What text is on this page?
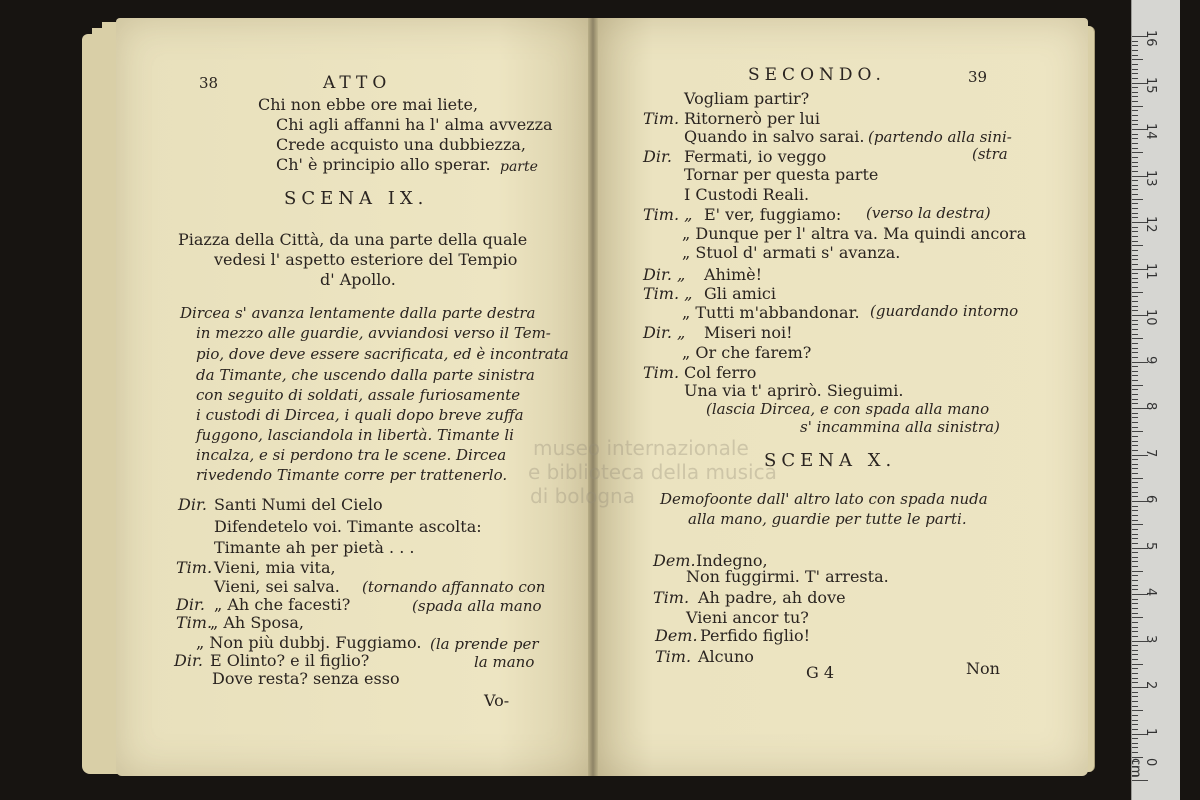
museo internazionale
e biblioteca della musica
di bologna
38	ATTO
Chi non ebbe ore mai liete,
Chi agli affanni ha l' alma avvezza
Crede acquisto una dubbiezza,
Ch' è principio allo sperar. parte
SCENA IX.
Piazza della Città, da una parte della quale
vedesi l' aspetto esteriore del Tempio
d' Apollo.
Dircea s' avanza lentamente dalla parte destra
in mezzo alle guardie, avviandosi verso il Tem-
pio, dove deve essere sacrificata, ed è incontrata
da Timante, che uscendo dalla parte sinistra
con seguito di soldati, assale furiosamente
i custodi di Dircea, i quali dopo breve zuffa
fuggono, lasciandola in libertà. Timante li
incalza, e si perdono tra le scene. Dircea
rivedendo Timante corre per trattenerlo.
Dir. Santi Numi del Cielo
Difendetelo voi. Timante ascolta:
Timante ah per pietà . . .
Tim. Vieni, mia vita,
Vieni, sei salva.
Dir. „ Ah che facesti?
Tim.
„ Ah Sposa,
„ Non più dubbj. Fuggiamo.
Dir. E Olinto? e il figlio?
Dove resta? senza esso
(tornando affannato con
(spada alla mano
(la prende per
la mano
Vo-
SECONDO.	39
Vogliam partir?
Tim. Ritornerò per lui
Quando in salvo sarai. (partendo alla sini-
Dir. Fermati, io veggo	(stra
Tornar per questa parte
I Custodi Reali.
Tim. „ E' ver, fuggiamo: (verso la destra)
„ Dunque per l' altra va. Ma quindi ancora
„ Stuol d' armati s' avanza.
Dir. „ Ahimè!
Tim. „ Gli amici
„ Tutti m'abbandonar. (guardando intorno
Dir. „ Miseri noi!
„ Or che farem?
Tim. Col ferro
Una via t' aprirò. Sieguimi.
(lascia Dircea, e con spada alla mano
s' incammina alla sinistra)
SCENA X.
Demofoonte dall' altro lato con spada nuda
alla mano, guardie per tutte le parti.
Dem. Indegno,
Non fuggirmi. T' arresta.
Tim. Ah padre, ah dove
Vieni ancor tu?
Dem. Perfido figlio!
Tim. Alcuno
G 4	Non
0 cm
1
2
3
4
5
6
7
8
9
10
11
12
13
14
15
16
